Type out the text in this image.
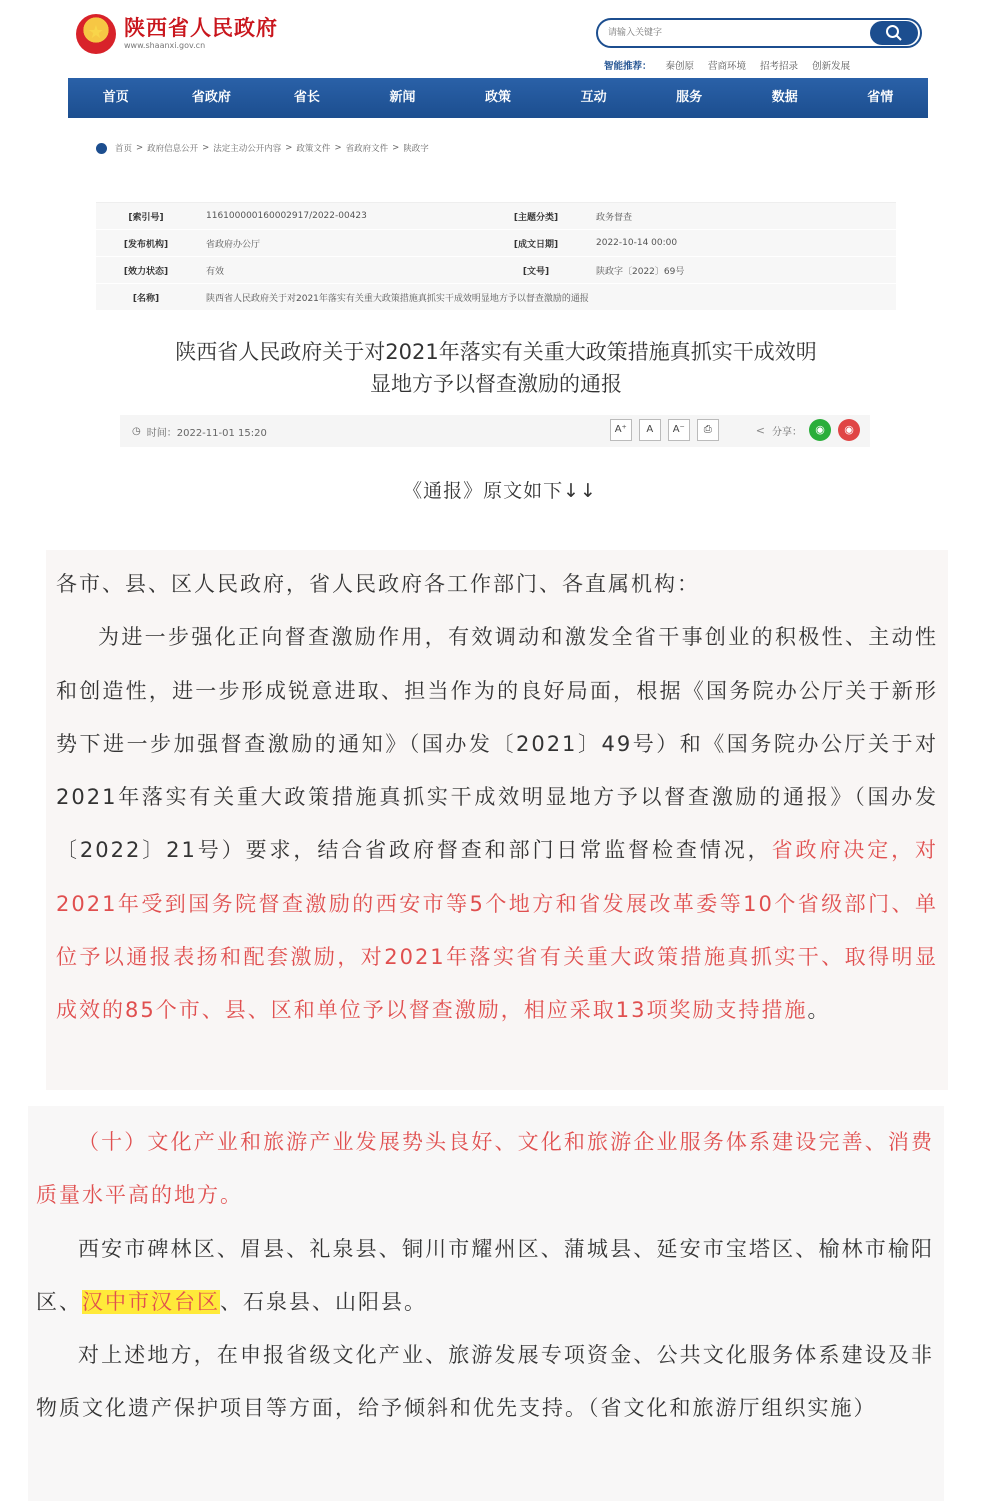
★
陕西省人民政府
www.shaanxi.gov.cn
请输入关键字
智能推荐： 秦创原 营商环境 招考招录 创新发展
首页	省政府	省长	新闻	政策	互动	服务	数据	省情
首页 > 政府信息公开 > 法定主动公开内容 > 政策文件 > 省政府文件 > 陕政字
[索引号]	11610000016000291​7/2022-00423	[主题分类]	政务督查
[发布机构]	省政府办公厅	[成文日期]	2022-10-14 00:00
[效力状态]	有效	[文号]	陕政字〔2022〕69号
[名称]	陕西省人民政府关于对2021年落实有关重大政策措施真抓实干成效明显地方予以督查激励的通报
陕西省人民政府关于对2021年落实有关重大政策措施真抓实干成效明
显地方予以督查激励的通报
◷ 时间：2022-11-01 15:20	A⁺	A	A⁻	⎙	< 分享：	◉	◉
《通报》原文如下↓↓
各市、县、区人民政府，省人民政府各工作部门、各直属机构：
为进一步强化正向督查激励作用，有效调动和激发全省干事创业的积极性、主动性和创造性，进一步形成锐意进取、担当作为的良好局面，根据《国务院办公厅关于新形势下进一步加强督查激励的通知》（国办发〔2021〕49号）和《国务院办公厅关于对2021年落实有关重大政策措施真抓实干成效明显地方予以督查激励的通报》（国办发〔2022〕21号）要求，结合省政府督查和部门日常监督检查情况，省政府决定，对2021年受到国务院督查激励的西安市等5个地方和省发展改革委等10个省级部门、单位予以通报表扬和配套激励，对2021年落实省有关重大政策措施真抓实干、取得明显成效的85个市、县、区和单位予以督查激励，相应采取13项奖励支持措施。
（十）文化产业和旅游产业发展势头良好、文化和旅游企业服务体系建设完善、消费质量水平高的地方。
西安市碑林区、眉县、礼泉县、铜川市耀州区、蒲城县、延安市宝塔区、榆林市榆阳区、汉中市汉台区、石泉县、山阳县。
对上述地方，在申报省级文化产业、旅游发展专项资金、公共文化服务体系建设及非物质文化遗产保护项目等方面，给予倾斜和优先支持。（省文化和旅游厅组织实施）
